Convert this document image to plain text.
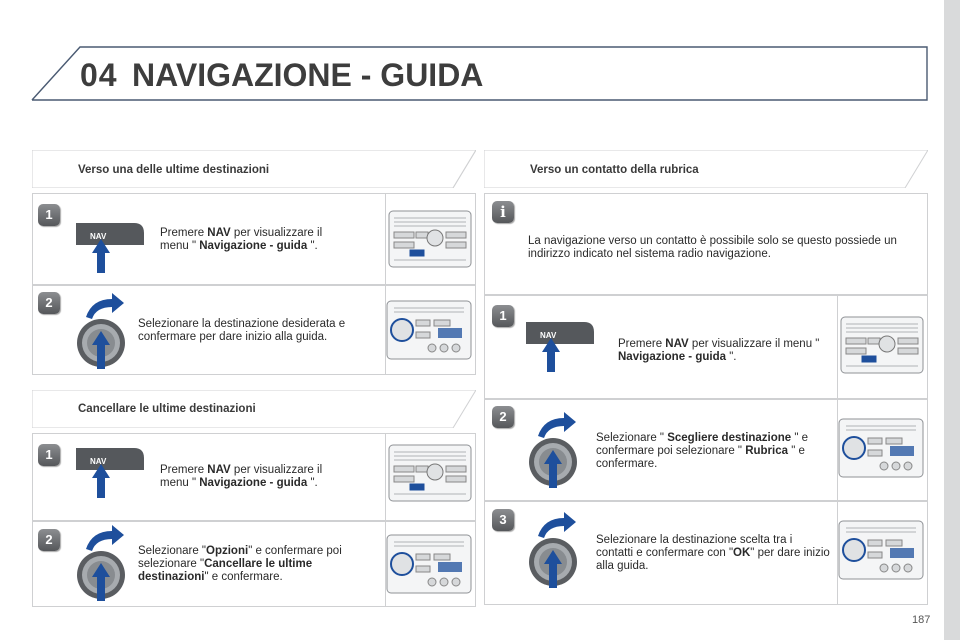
04 NAVIGAZIONE - GUIDA
Verso una delle ultime destinazioni
1
NAV	Premere NAV per visualizzare il menu " Navigazione - guida ".
2
Selezionare la destinazione desiderata e confermare per dare inizio alla guida.
Cancellare le ultime destinazioni
1	NAV
Premere NAV per visualizzare il menu " Navigazione - guida ".
2
Selezionare "Opzioni" e confermare poi selezionare "Cancellare le ultime destinazioni" e confermare.
Verso un contatto della rubrica
i
La navigazione verso un contatto è possibile solo se questo possiede un indirizzo indicato nel sistema radio navigazione.
1
NAV
Premere NAV per visualizzare il menu " Navigazione - guida ".
2
Selezionare " Scegliere destinazione " e confermare poi selezionare " Rubrica " e confermare.
3
Selezionare la destinazione scelta tra i contatti e confermare con "OK" per dare inizio alla guida.
187
